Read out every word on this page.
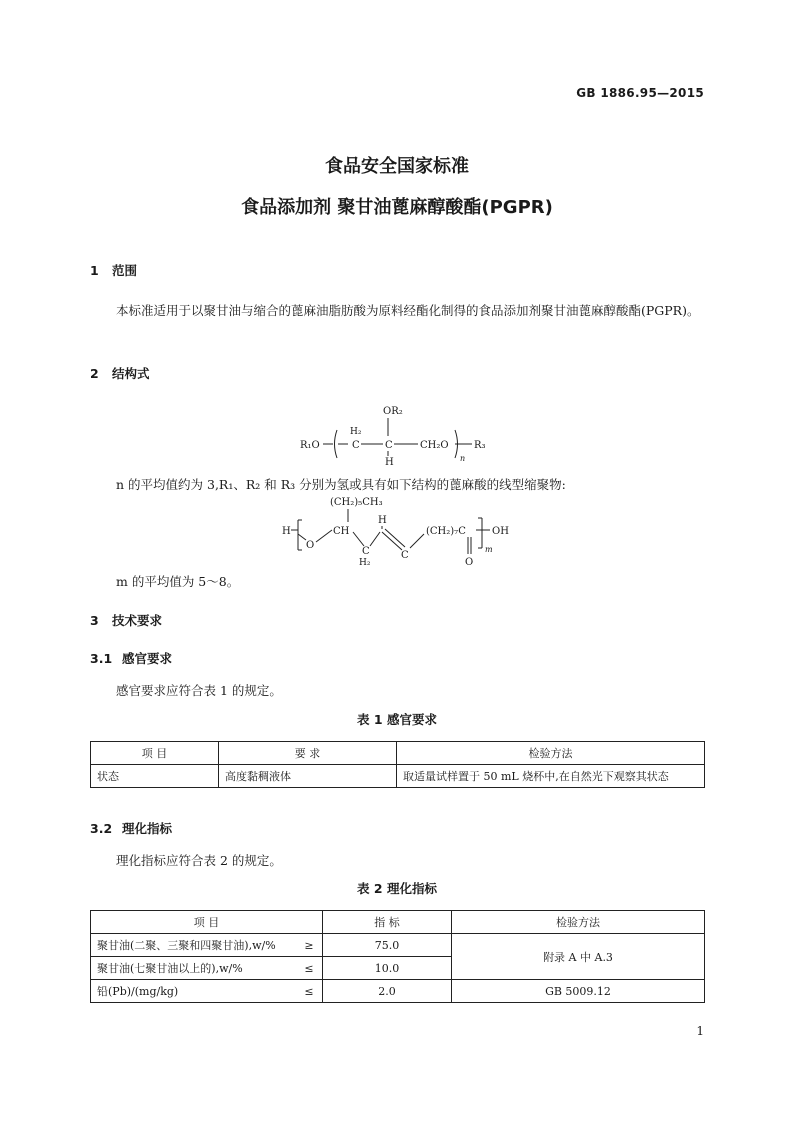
GB 1886.95—2015
食品安全国家标准
食品添加剂 聚甘油蓖麻醇酸酯(PGPR)
1 范围
本标准适用于以聚甘油与缩合的蓖麻油脂肪酸为原料经酯化制得的食品添加剂聚甘油蓖麻醇酸酯(PGPR)。
2 结构式
OR₂
R₁O
H₂
C	C
H
CH₂O	R₃
n
n 的平均值约为 3,R₁、R₂ 和 R₃ 分别为氢或具有如下结构的蓖麻酸的线型缩聚物:
(CH₂)₅CH₃
H
O
CH
C
H₂
H
C
(CH₂)₇C
O
OH
m
m 的平均值为 5～8。
3 技术要求
3.1 感官要求
感官要求应符合表 1 的规定。
表 1 感官要求
项 目	要 求	检验方法
状态	高度黏稠液体	取适量试样置于 50 mL 烧杯中,在自然光下观察其状态
3.2 理化指标
理化指标应符合表 2 的规定。
表 2 理化指标
项 目		指 标	检验方法
聚甘油(二聚、三聚和四聚甘油),w/%	≥	75.0	附录 A 中 A.3
聚甘油(七聚甘油以上的),w/%	≤	10.0	
铅(Pb)/(mg/kg)	≤	2.0	GB 5009.12
1
